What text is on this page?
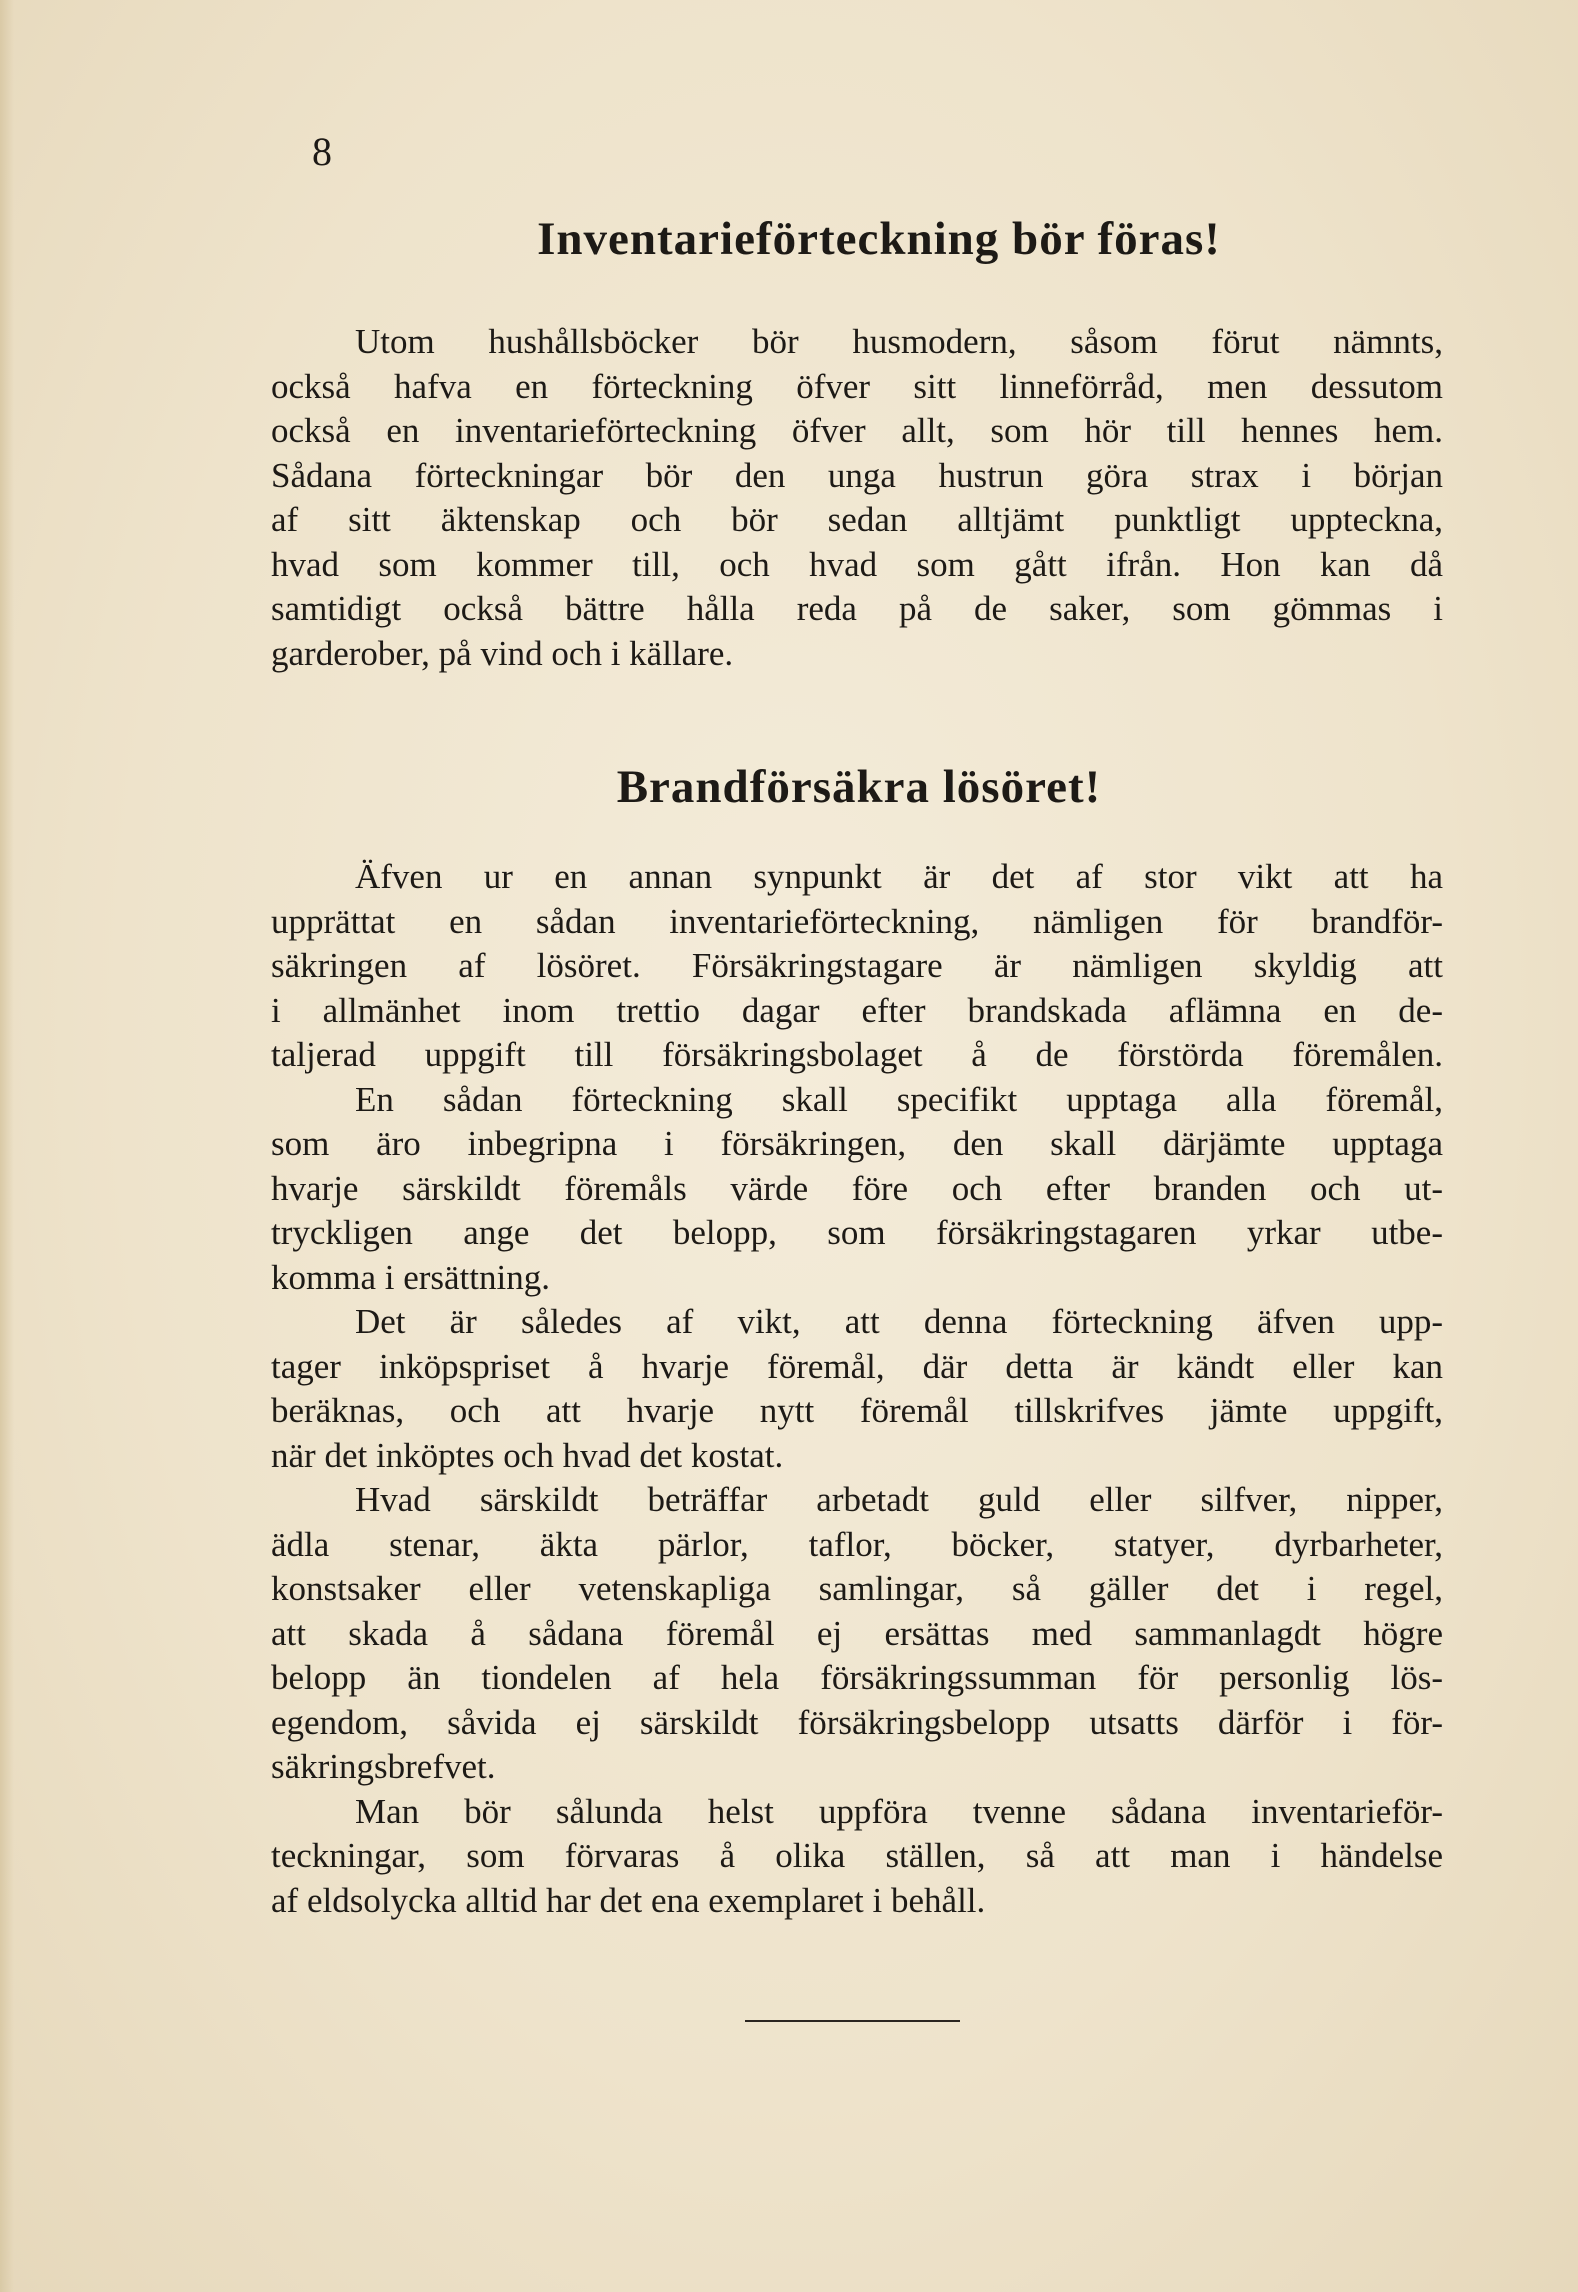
8
Inventarieförteckning bör föras!
Utom hushållsböcker bör husmodern, såsom förut nämnts,
också hafva en förteckning öfver sitt linneförråd, men dessutom
också en inventarieförteckning öfver allt, som hör till hennes hem.
Sådana förteckningar bör den unga hustrun göra strax i början
af sitt äktenskap och bör sedan alltjämt punktligt uppteckna,
hvad som kommer till, och hvad som gått ifrån. Hon kan då
samtidigt också bättre hålla reda på de saker, som gömmas i
garderober, på vind och i källare.
Brandförsäkra lösöret!
Äfven ur en annan synpunkt är det af stor vikt att ha
upprättat en sådan inventarieförteckning, nämligen för brandför-
säkringen af lösöret. Försäkringstagare är nämligen skyldig att
i allmänhet inom trettio dagar efter brandskada aflämna en de-
taljerad uppgift till försäkringsbolaget å de förstörda föremålen.
En sådan förteckning skall specifikt upptaga alla föremål,
som äro inbegripna i försäkringen, den skall därjämte upptaga
hvarje särskildt föremåls värde före och efter branden och ut-
tryckligen ange det belopp, som försäkringstagaren yrkar utbe-
komma i ersättning.
Det är således af vikt, att denna förteckning äfven upp-
tager inköpspriset å hvarje föremål, där detta är kändt eller kan
beräknas, och att hvarje nytt föremål tillskrifves jämte uppgift,
när det inköptes och hvad det kostat.
Hvad särskildt beträffar arbetadt guld eller silfver, nipper,
ädla stenar, äkta pärlor, taflor, böcker, statyer, dyrbarheter,
konstsaker eller vetenskapliga samlingar, så gäller det i regel,
att skada å sådana föremål ej ersättas med sammanlagdt högre
belopp än tiondelen af hela försäkringssumman för personlig lös-
egendom, såvida ej särskildt försäkringsbelopp utsatts därför i för-
säkringsbrefvet.
Man bör sålunda helst uppföra tvenne sådana inventarieför-
teckningar, som förvaras å olika ställen, så att man i händelse
af eldsolycka alltid har det ena exemplaret i behåll.
